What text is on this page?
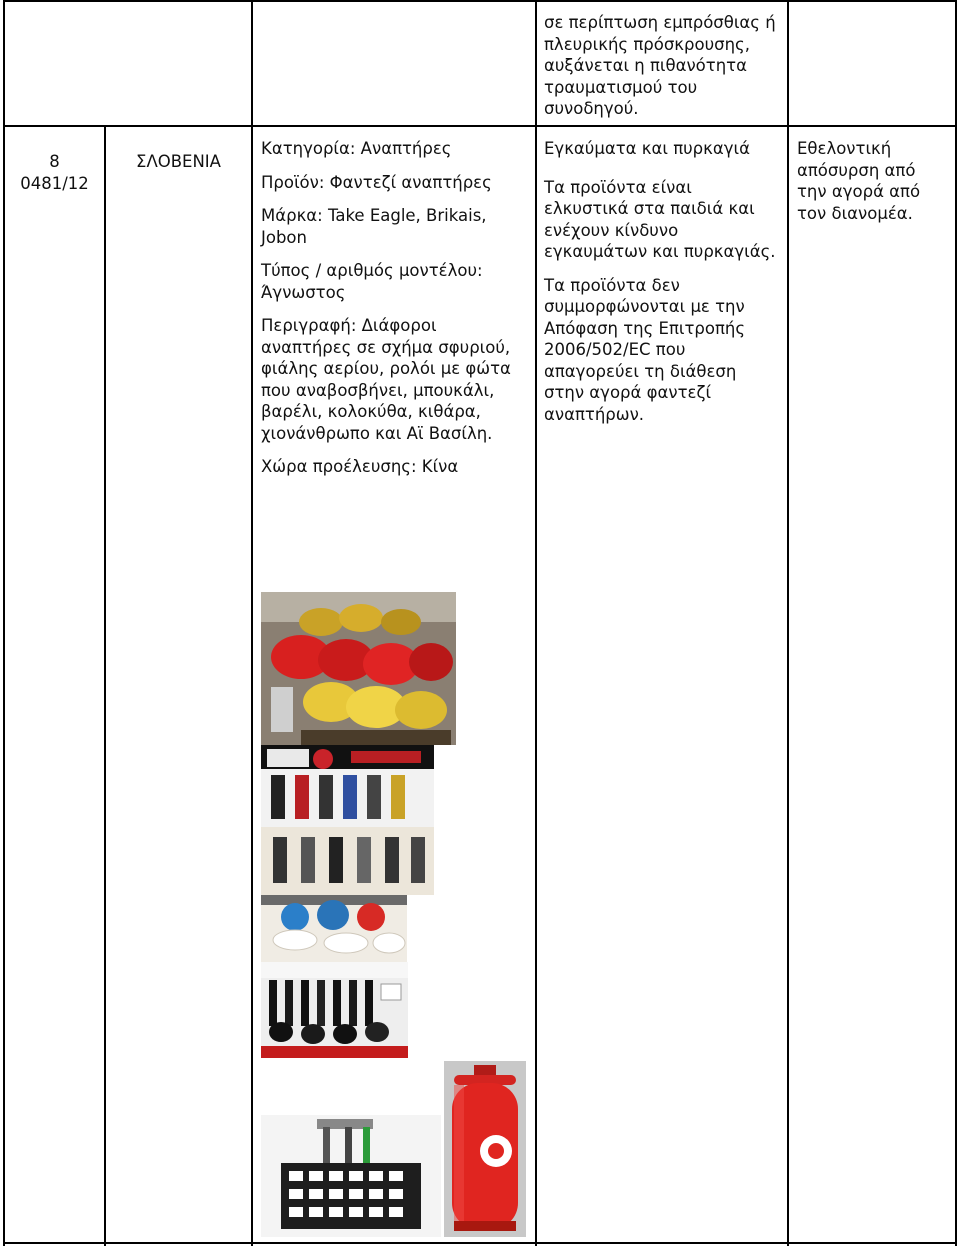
σε περίπτωση εμπρόσθιας ή πλευρικής πρόσκρουσης, αυξάνεται η πιθανότητα τραυματισμού του συνοδηγού.
8
0481/12
ΣΛΟΒΕΝΙΑ

Κατηγορία: Αναπτήρες

Προϊόν: Φαντεζί αναπτήρες

Μάρκα: Take Eagle, Brikais, Jobon

Τύπος / αριθμός μοντέλου: Άγνωστος

Περιγραφή: Διάφοροι αναπτήρες σε σχήμα σφυριού, φιάλης αερίου, ρολόι με φώτα που αναβοσβήνει, μπουκάλι, βαρέλι, κολοκύθα, κιθάρα, χιονάνθρωπο και Αϊ Βασίλη.

Χώρα προέλευσης: Κίνα

Εγκαύματα και πυρκαγιά

Τα προϊόντα είναι ελκυστικά στα παιδιά και ενέχουν κίνδυνο εγκαυμάτων και πυρκαγιάς.

Τα προϊόντα δεν συμμορφώνονται με την Απόφαση της Επιτροπής 2006/502/EC που απαγορεύει τη διάθεση στην αγορά φαντεζί αναπτήρων.

Εθελοντική απόσυρση από την αγορά από τον διανομέα.
